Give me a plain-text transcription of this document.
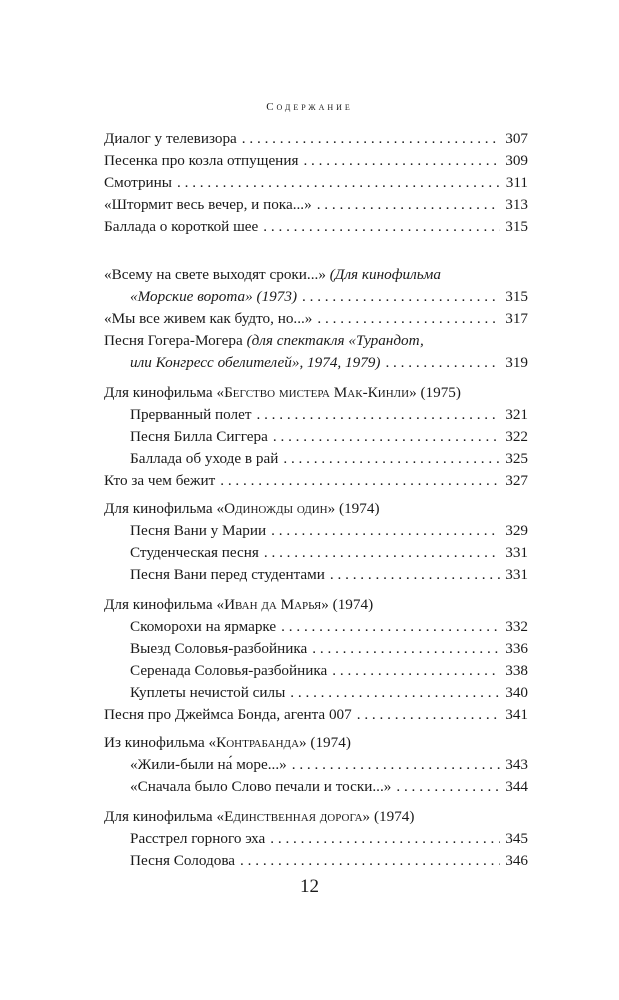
Содержание
Диалог у телевизора . . .	307
Песенка про козла отпущения . . .	309
Смотрины . . .	311
«Штормит весь вечер, и пока...» . . .	313
Баллада о короткой шее . . .	315
«Всему на свете выходят сроки...» (Для кинофильма
«Морские ворота» (1973) . . .	315
«Мы все живем как будто, но...» . . .	317
Песня Гогера-Могера (для спектакля «Турандот,
или Конгресс обелителей», 1974, 1979) . . .	319
Для кинофильма «Бегство мистера Мак-Кинли» (1975)
Прерванный полет . . .	321
Песня Билла Сиггера . . .	322
Баллада об уходе в рай . . .	325
Кто за чем бежит . . .	327
Для кинофильма «Одиножды один» (1974)
Песня Вани у Марии . . .	329
Студенческая песня . . .	331
Песня Вани перед студентами . . .	331
Для кинофильма «Иван да Марья» (1974)
Скоморохи на ярмарке . . .	332
Выезд Соловья-разбойника . . .	336
Серенада Соловья-разбойника . . .	338
Куплеты нечистой силы . . .	340
Песня про Джеймса Бонда, агента 007 . . .	341
Из кинофильма «Контрабанда» (1974)
«Жили-были на́ море...» . . .	343
«Сначала было Слово печали и тоски...» . . .	344
Для кинофильма «Единственная дорога» (1974)
Расстрел горного эха . . .	345
Песня Солодова . . .	346
12
